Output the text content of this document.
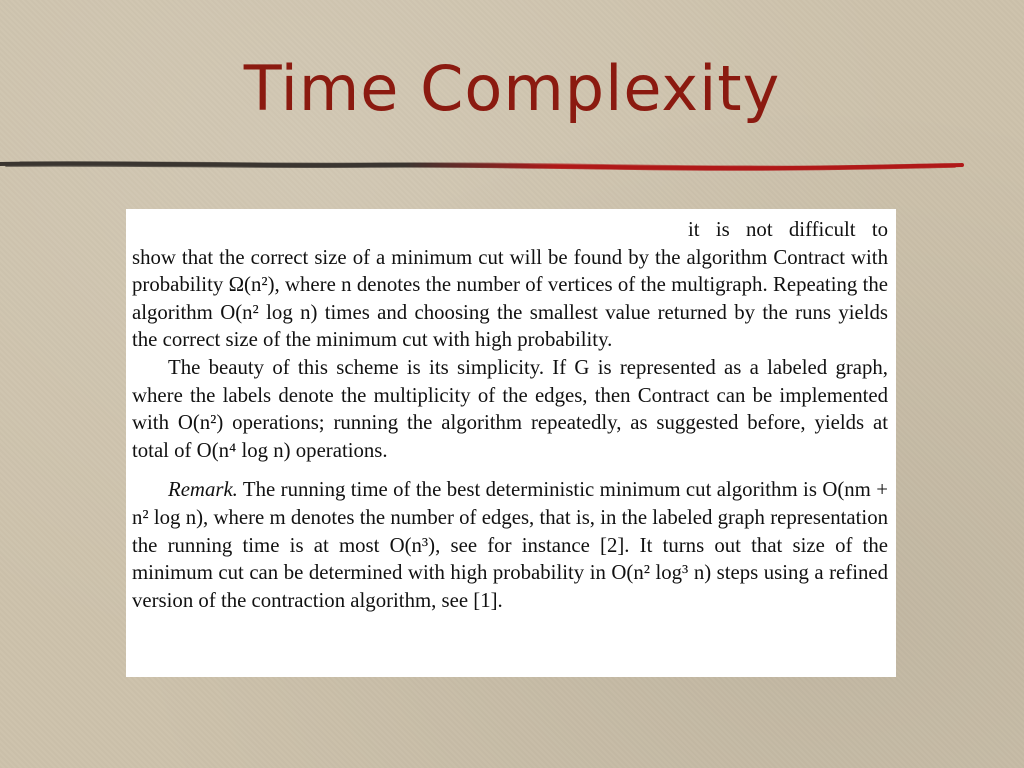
Time Complexity

it is not difficult to show that the correct size of a minimum cut will be found by the algorithm Contract with probability Ω(n²), where n denotes the number of vertices of the multigraph. Repeating the algorithm O(n² log n) times and choosing the smallest value returned by the runs yields the correct size of the minimum cut with high probability.

The beauty of this scheme is its simplicity. If G is represented as a labeled graph, where the labels denote the multiplicity of the edges, then Contract can be implemented with O(n²) operations; running the algorithm repeatedly, as suggested before, yields at total of O(n⁴ log n) operations.

Remark. The running time of the best deterministic minimum cut algorithm is O(nm + n² log n), where m denotes the number of edges, that is, in the labeled graph representation the running time is at most O(n³), see for instance [2]. It turns out that size of the minimum cut can be determined with high probability in O(n² log³ n) steps using a refined version of the contraction algorithm, see [1].
